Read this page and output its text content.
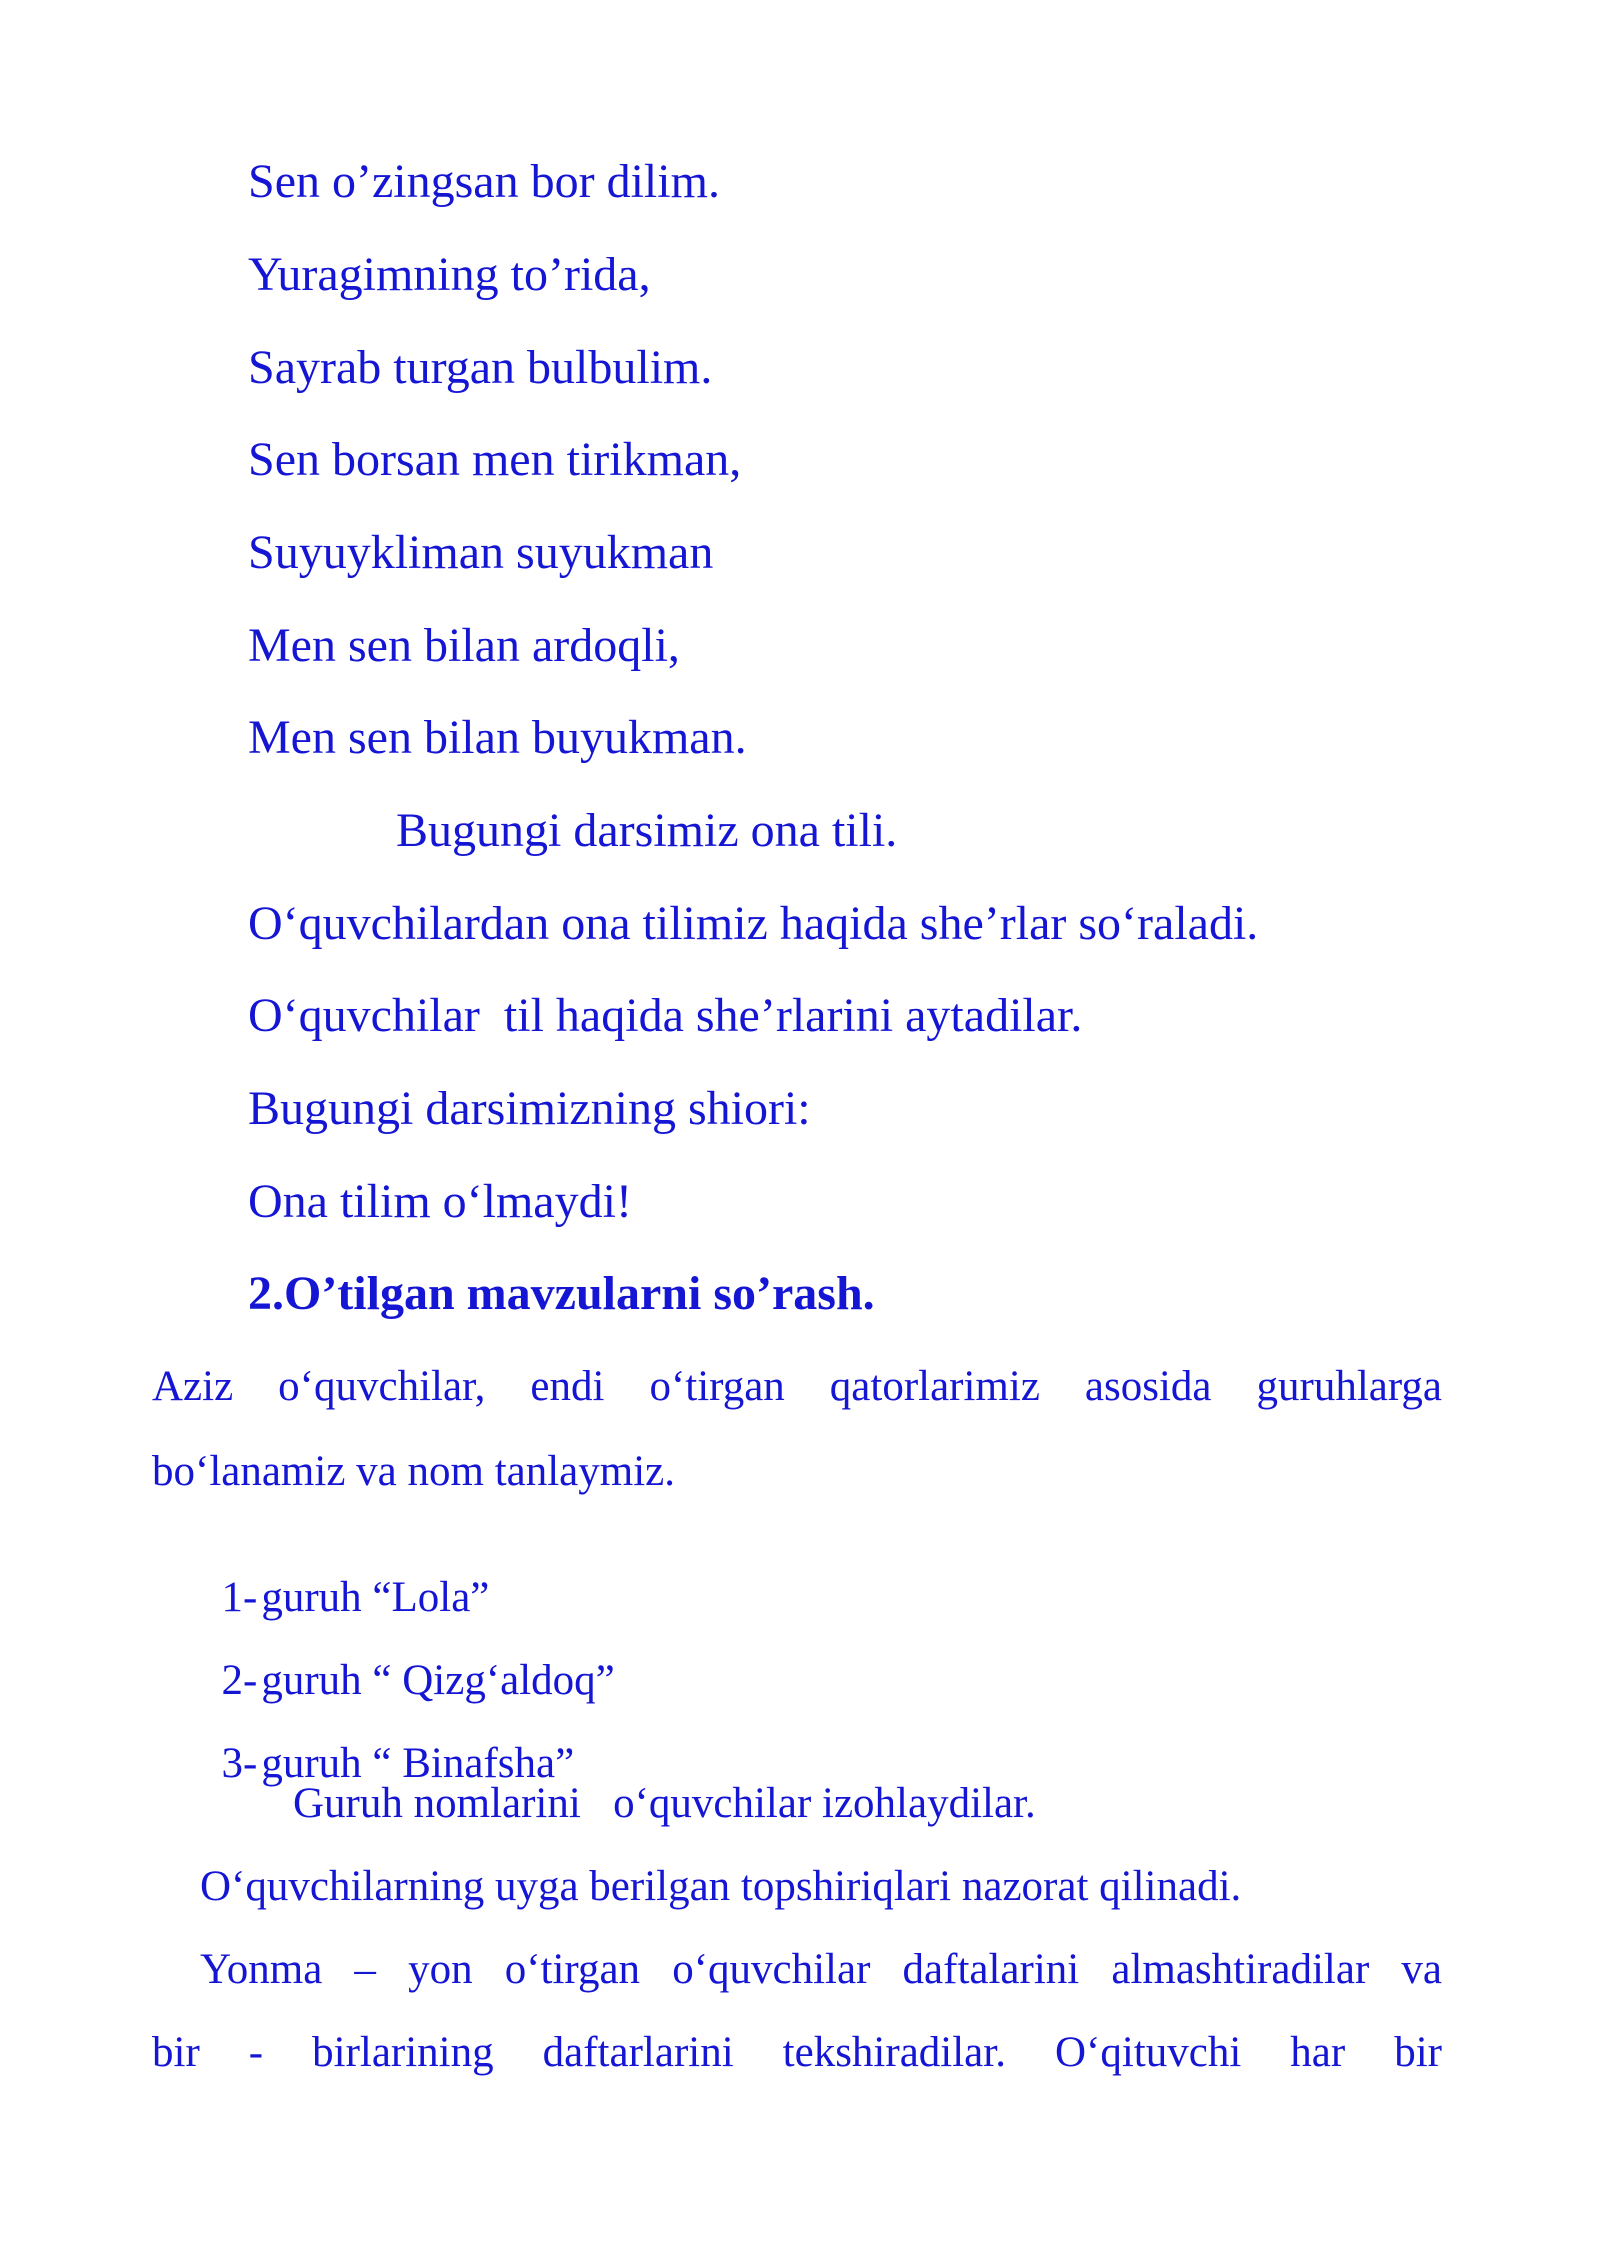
Sen o’zingsan bor dilim.
Yuragimning to’rida,
Sayrab turgan bulbulim.
Sen borsan men tirikman,
Suyuykliman suyukman
Men sen bilan ardoqli,
Men sen bilan buyukman.
Bugungi darsimiz ona tili.
O‘quvchilardan ona tilimiz haqida she’rlar so‘raladi.
O‘quvchilar  til haqida she’rlarini aytadilar.
Bugungi darsimizning shiori:
Ona tilim o‘lmaydi!
2.O’tilgan mavzularni so’rash.
Aziz o‘quvchilar, endi o‘tirgan qatorlarimiz asosida guruhlarga
bo‘lanamiz va nom tanlaymiz.

1-guruh “Lola”

2-guruh “ Qizg‘aldoq”

3-guruh “ Binafsha”

Guruh nomlarini   o‘quvchilar izohlaydilar.
O‘quvchilarning uyga berilgan topshiriqlari nazorat qilinadi.
Yonma – yon o‘tirgan o‘quvchilar daftalarini almashtiradilar va
bir - birlarining daftarlarini tekshiradilar. O‘qituvchi har bir
